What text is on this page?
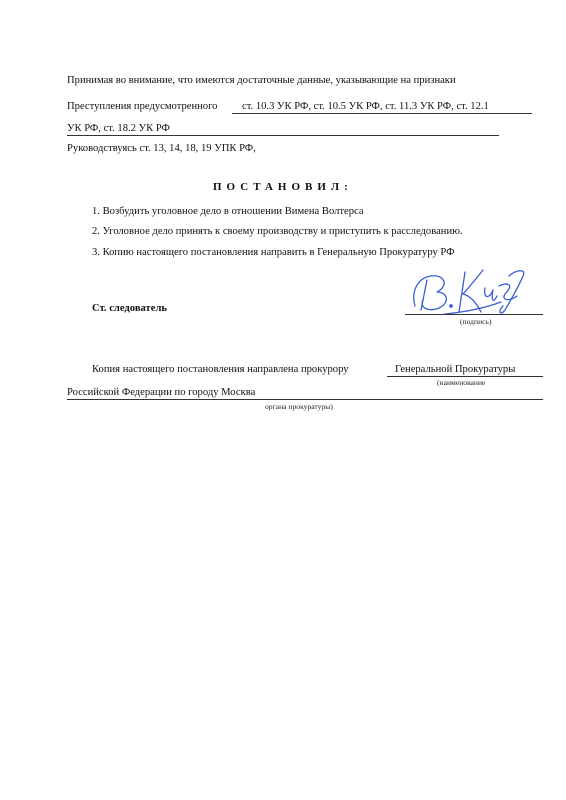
Принимая во внимание, что имеются достаточные данные, указывающие на признаки
Преступления предусмотренного	ст. 10.3 УК РФ, ст. 10.5 УК РФ, ст. 11.3 УК РФ, ст. 12.1
УК РФ, ст. 18.2 УК РФ
Руководствуясь ст. 13, 14, 18, 19 УПК РФ,
ПОСТАНОВИЛ:
1. Возбудить уголовное дело в отношении Вимена Волтерса
2. Уголовное дело принять к своему производству и приступить к расследованию.
3. Копию настоящего постановления направить в Генеральную Прокуратуру РФ
Ст. следователь
(подпись)
Копия настоящего постановления направлена прокурору	Генеральной Прокуратуры
(наименование
Российской Федерации по городу Москва
органа прокуратуры)
